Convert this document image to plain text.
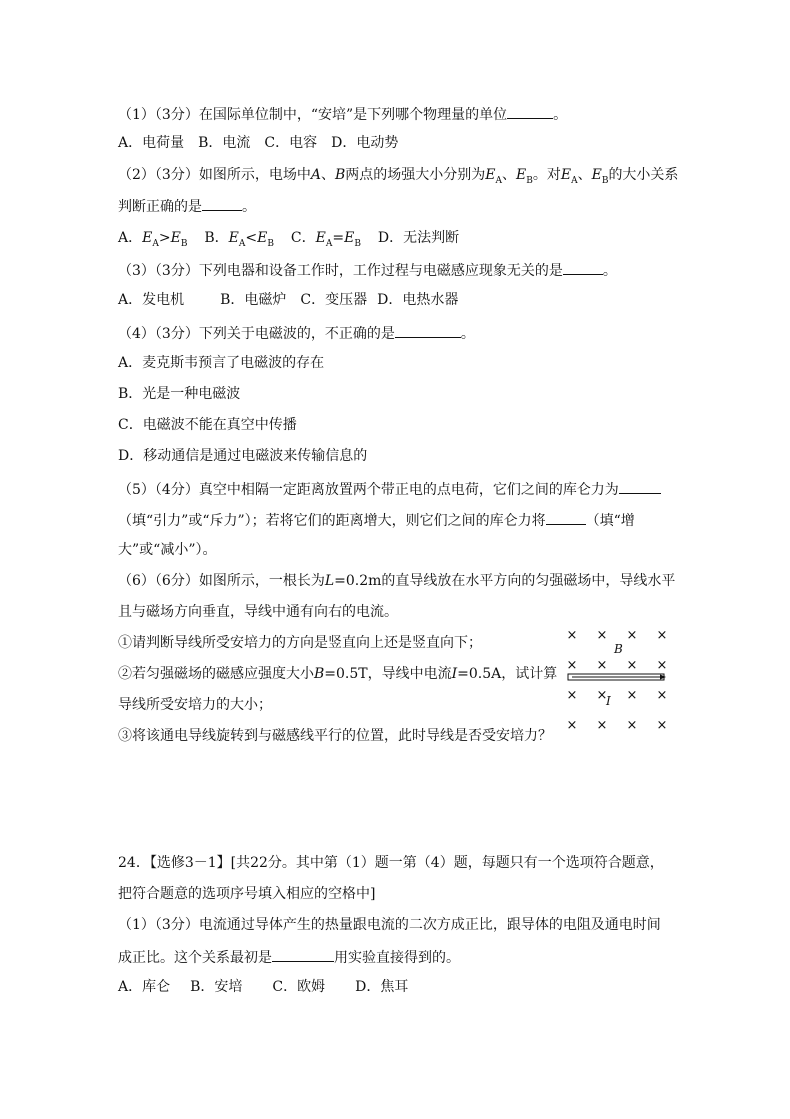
（1）（3分）在国际单位制中，“安培”是下列哪个物理量的单位	。
A．电荷量 B．电流 C．电容 D．电动势
（2）（3分）如图所示，电场中A、B两点的场强大小分别为$E_A$、$E_B$。对$E_A$、$E_B$的大小关系
判断正确的是	。
A．$E_A>E_B$ B．$E_A<E_B$ C．$E_A=E_B$ D．无法判断
（3）（3分）下列电器和设备工作时，工作过程与电磁感应现象无关的是	。
A．发电机	B．电磁炉 C．变压器 D．电热水器
（4）（3分）下列关于电磁波的，不正确的是	。
A．麦克斯韦预言了电磁波的存在
B．光是一种电磁波
C．电磁波不能在真空中传播
D．移动通信是通过电磁波来传输信息的
（5）（4分）真空中相隔一定距离放置两个带正电的点电荷，它们之间的库仑力为
（填“引力”或“斥力”）；若将它们的距离增大，则它们之间的库仑力将	（填“增
大”或“减小”）。
（6）（6分）如图所示，一根长为L=0.2m的直导线放在水平方向的匀强磁场中，导线水平
且与磁场方向垂直，导线中通有向右的电流。
①请判断导线所受安培力的方向是竖直向上还是竖直向下；
②若匀强磁场的磁感应强度大小B=0.5T，导线中电流I=0.5A，试计算
导线所受安培力的大小；
③将该通电导线旋转到与磁感线平行的位置，此时导线是否受安培力？
× × × ×
× × × ×
× × × ×
× × × ×
B
I
24．【选修3－1】[共22分。其中第（1）题一第（4）题，每题只有一个选项符合题意，
把符合题意的选项序号填入相应的空格中]
（1）（3分）电流通过导体产生的热量跟电流的二次方成正比，跟导体的电阻及通电时间
成正比。这个关系最初是	用实验直接得到的。
A．库仑 B．安培 C．欧姆 D．焦耳
